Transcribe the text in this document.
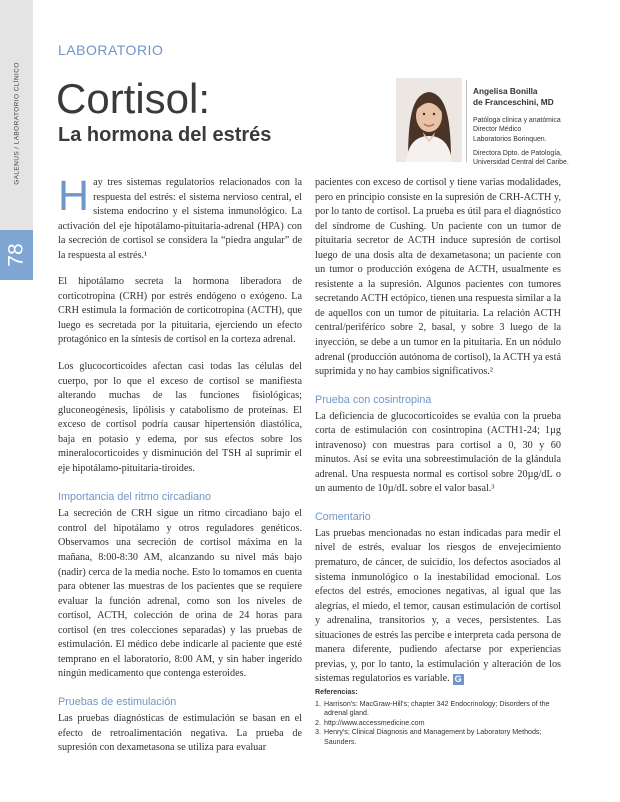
GALENUS / LABORATORIO CLÍNICO
78
LABORATORIO
Cortisol:
La hormona del estrés
Angelisa Bonilla
de Franceschini, MD
Patóloga clínica y anatómica
Director Médico
Laboratorios Borinquen.
Directora Dpto. de Patología,
Universidad Central del Caribe.

Hay tres sistemas regulatorios relacionados con la respuesta del estrés: el sistema nervioso central, el sistema endocrino y el sistema inmunológico. La activación del eje hipotálamo-pituitaria-adrenal (HPA) con la secreción de cortisol se considera la “piedra angular” de la respuesta al estrés.¹

El hipotálamo secreta la hormona liberadora de corticotropina (CRH) por estrés endógeno o exógeno. La CRH estimula la formación de corticotropina (ACTH), que luego es secretada por la pituitaria, ejerciendo un efecto protagónico en la síntesis de cortisol en la corteza adrenal.

Los glucocorticoides afectan casi todas las células del cuerpo, por lo que el exceso de cortisol se manifiesta alterando muchas de las funciones fisiológicas; gluconeogénesis, lipólisis y catabolismo de proteínas. El exceso de cortisol podría causar hipertensión diastólica, baja en potasio y edema, por sus efectos sobre los mineralocorticoides y disminución del TSH al suprimir el eje hipotálamo-pituitaria-tiroides.

Importancia del ritmo circadiano

La secreción de CRH sigue un ritmo circadiano bajo el control del hipotálamo y otros reguladores genéticos. Observamos una secreción de cortisol máxima en la mañana, 8:00-8:30 AM, alcanzando su nivel más bajo (nadir) cerca de la media noche. Esto lo tomamos en cuenta para obtener las muestras de los pacientes que se requiere evaluar la función adrenal, como son los niveles de cortisol, ACTH, colección de orina de 24 horas para cortisol (en tres colecciones separadas) y las pruebas de estimulación. El médico debe indicarle al paciente que esté temprano en el laboratorio, 8:00 AM, y sin haber ingerido ningún medicamento que contenga esteroides.

Pruebas de estimulación

Las pruebas diagnósticas de estimulación se basan en el efecto de retroalimentación negativa. La prueba de supresión con dexametasona se utiliza para evaluar

pacientes con exceso de cortisol y tiene varias modalidades, pero en principio consiste en la supresión de CRH-ACTH y, por lo tanto de cortisol. La prueba es útil para el diagnóstico del síndrome de Cushing. Un paciente con un tumor de pituitaria secretor de ACTH induce supresión de cortisol luego de una dosis alta de dexametasona; un paciente con un tumor o producción exógena de ACTH, usualmente es resistente a la supresión. Algunos pacientes con tumores secretando ACTH ectópico, tienen una respuesta similar a la de aquellos con un tumor de pituitaria. La relación ACTH central/periférico sobre 2, basal, y sobre 3 luego de la inyección, se debe a un tumor en la pituitaria. En un nódulo adrenal (producción autónoma de cortisol), la ACTH ya está suprimida y no hay cambios significativos.²

Prueba con cosintropina

La deficiencia de glucocorticoides se evalúa con la prueba corta de estimulación con cosintropina (ACTH1-24; 1µg intravenoso) con muestras para cortisol a 0, 30 y 60 minutos. Así se evita una sobreestimulación de la glándula adrenal. Una respuesta normal es cortisol sobre 20µg/dL o un aumento de 10µ/dL sobre el valor basal.³

Comentario

Las pruebas mencionadas no estan indicadas para medir el nivel de estrés, evaluar los riesgos de envejecimiento prematuro, de cáncer, de suicidio, los defectos asociados al sistema inmunológico o la inestabilidad emocional. Los efectos del estrés, emociones negativas, al igual que las alegrías, el miedo, el temor, causan estimulación de cortisol y adrenalina, transitorios y, a veces, persistentes. Las situaciones de estrés las percibe e interpreta cada persona de manera diferente, pudiendo afectarse por experiencias previas, y, por lo tanto, la estimulación y alteración de los sistemas regulatorios es variable. G

Referencias:
1. Harrison's: MacGraw-Hill's; chapter 342 Endocrinology; Disorders of the adrenal gland.
2. http://www.accessmedicine.com
3. Henry's; Clinical Diagnosis and Management by Laboratory Methods; Saunders.
